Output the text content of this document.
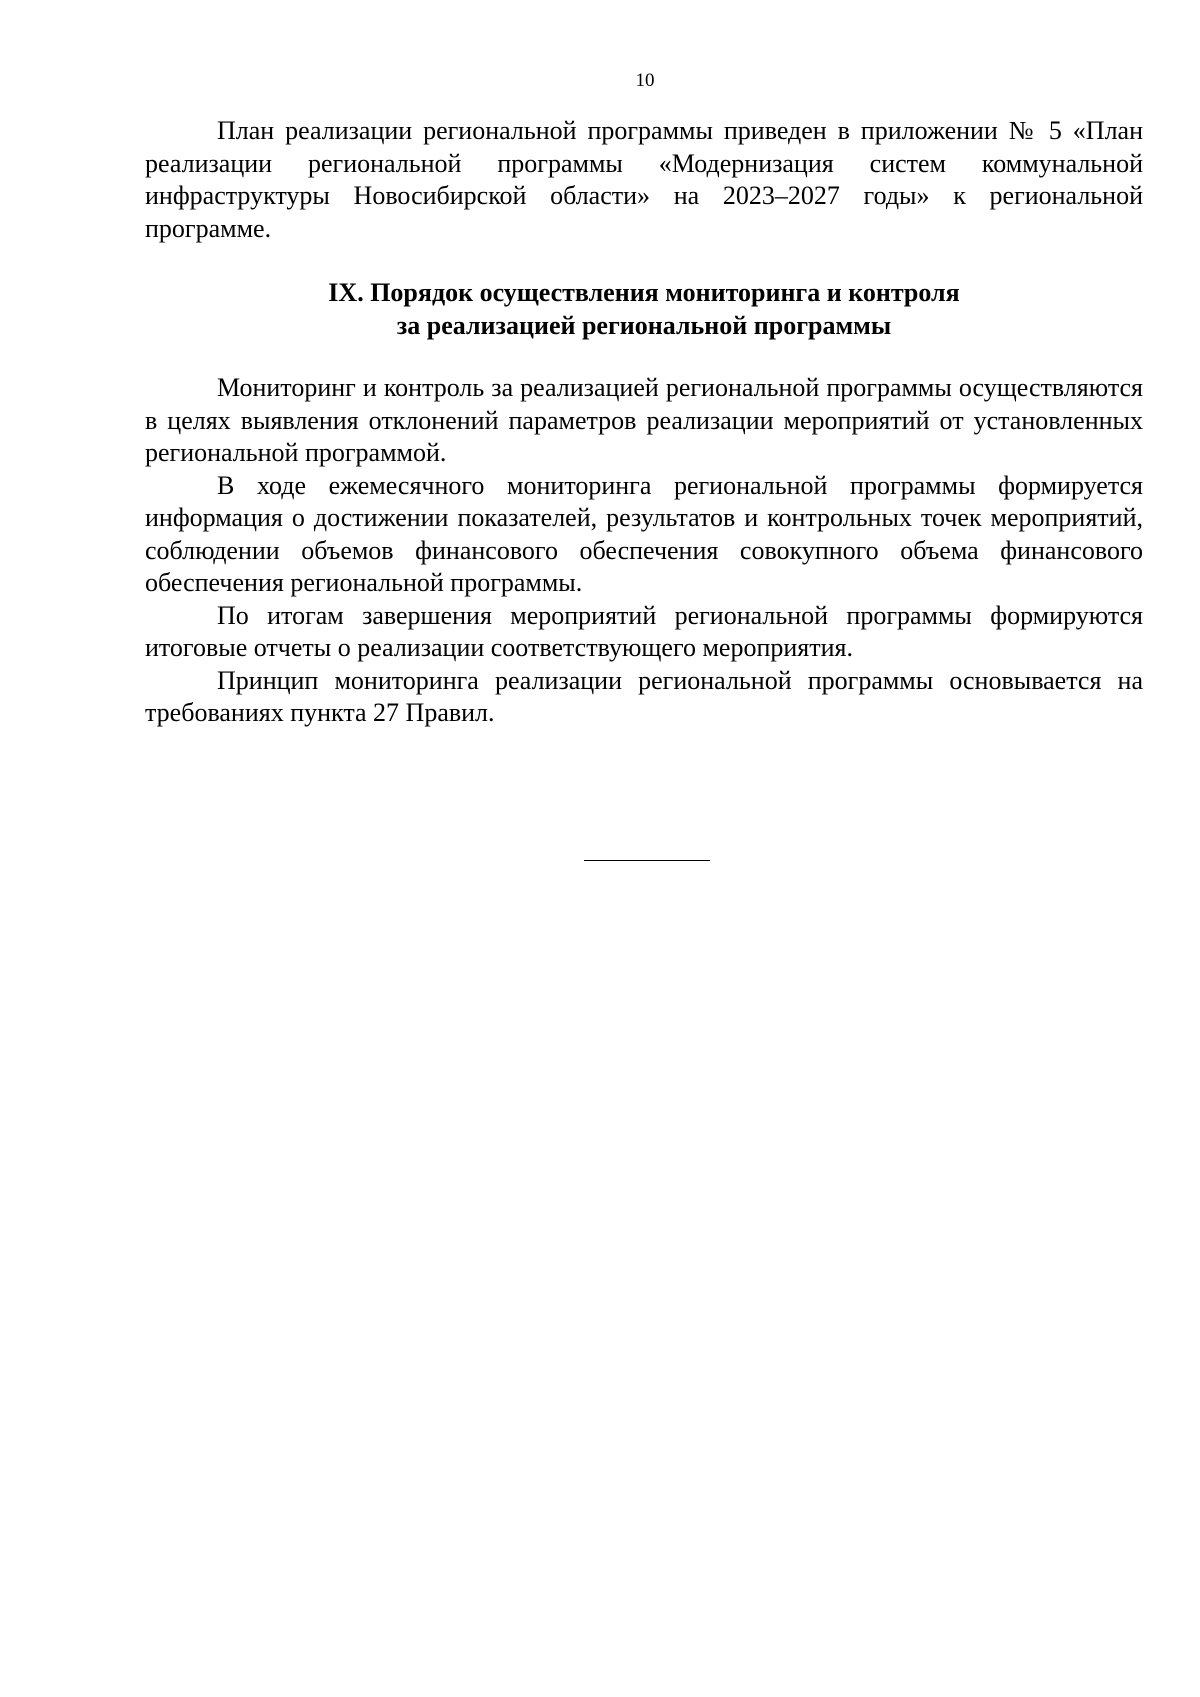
10

План реализации региональной программы приведен в приложении № 5 «План реализации региональной программы «Модернизация систем коммунальной инфраструктуры Новосибирской области» на 2023–2027 годы» к региональной программе.

IX. Порядок осуществления мониторинга и контроля
за реализацией региональной программы

Мониторинг и контроль за реализацией региональной программы осуществляются в целях выявления отклонений параметров реализации мероприятий от установленных региональной программой.

В ходе ежемесячного мониторинга региональной программы формируется информация о достижении показателей, результатов и контрольных точек мероприятий, соблюдении объемов финансового обеспечения совокупного объема финансового обеспечения региональной программы.

По итогам завершения мероприятий региональной программы формируются итоговые отчеты о реализации соответствующего мероприятия.

Принцип мониторинга реализации региональной программы основывается на требованиях пункта 27 Правил.
